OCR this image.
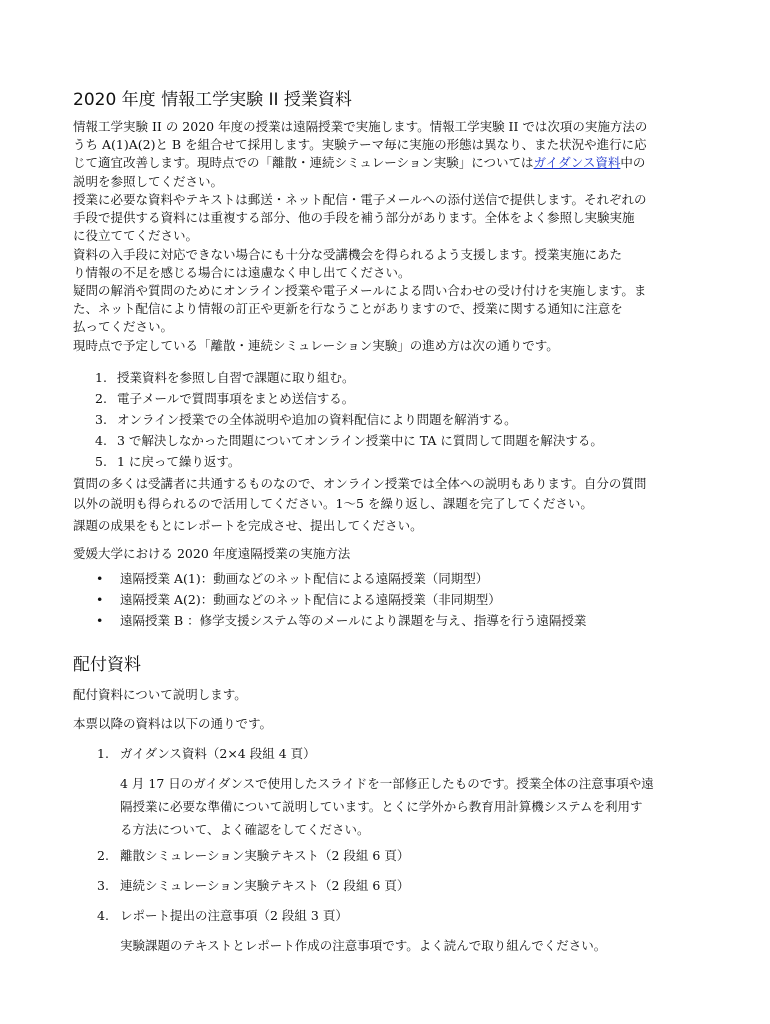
2020 年度 情報工学実験 II 授業資料
情報工学実験 II の 2020 年度の授業は遠隔授業で実施します。情報工学実験 II では次項の実施方法の
うち A(1)A(2)と B を組合せて採用します。実験テーマ毎に実施の形態は異なり、また状況や進行に応
じて適宜改善します。現時点での「離散・連続シミュレーション実験」についてはガイダンス資料中の
説明を参照してください。
授業に必要な資料やテキストは郵送・ネット配信・電子メールへの添付送信で提供します。それぞれの
手段で提供する資料には重複する部分、他の手段を補う部分があります。全体をよく参照し実験実施
に役立ててください。
資料の入手段に対応できない場合にも十分な受講機会を得られるよう支援します。授業実施にあた
り情報の不足を感じる場合には遠慮なく申し出てください。
疑問の解消や質問のためにオンライン授業や電子メールによる問い合わせの受け付けを実施します。ま
た、ネット配信により情報の訂正や更新を行なうことがありますので、授業に関する通知に注意を
払ってください。
現時点で予定している「離散・連続シミュレーション実験」の進め方は次の通りです。
1. 授業資料を参照し自習で課題に取り組む。
2. 電子メールで質問事項をまとめ送信する。
3. オンライン授業での全体説明や追加の資料配信により問題を解消する。
4. 3 で解決しなかった問題についてオンライン授業中に TA に質問して問題を解決する。
5. 1 に戻って繰り返す。
質問の多くは受講者に共通するものなので、オンライン授業では全体への説明もあります。自分の質問
以外の説明も得られるので活用してください。1〜5 を繰り返し、課題を完了してください。
課題の成果をもとにレポートを完成させ、提出してください。
愛媛大学における 2020 年度遠隔授業の実施方法
• 遠隔授業 A(1)：動画などのネット配信による遠隔授業（同期型）
• 遠隔授業 A(2)：動画などのネット配信による遠隔授業（非同期型）
• 遠隔授業 B ：修学支援システム等のメールにより課題を与え、指導を行う遠隔授業
配付資料
配付資料について説明します。
本票以降の資料は以下の通りです。
1. ガイダンス資料（2×4 段組 4 頁）
4 月 17 日のガイダンスで使用したスライドを一部修正したものです。授業全体の注意事項や遠
隔授業に必要な準備について説明しています。とくに学外から教育用計算機システムを利用す
る方法について、よく確認をしてください。
2. 離散シミュレーション実験テキスト（2 段組 6 頁）
3. 連続シミュレーション実験テキスト（2 段組 6 頁）
4. レポート提出の注意事項（2 段組 3 頁）
実験課題のテキストとレポート作成の注意事項です。よく読んで取り組んでください。
